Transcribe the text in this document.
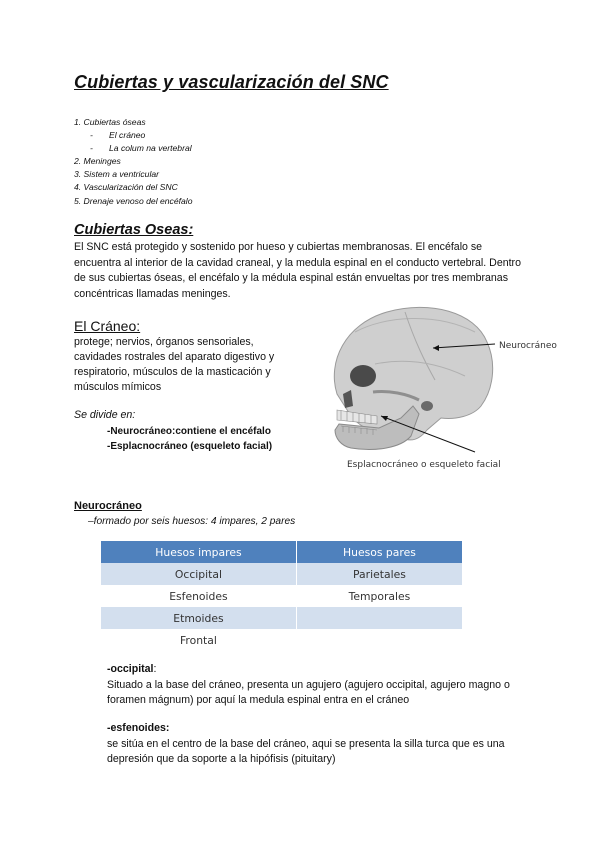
Cubiertas y vascularización del SNC
1. Cubiertas óseas
- El cráneo
- La colum na vertebral
2. Meninges
3. Sistem a ventricular
4. Vascularización del SNC
5. Drenaje venoso del encéfalo
Cubiertas Oseas:
El SNC está protegido y sostenido por hueso y cubiertas membranosas. El encéfalo se encuentra al interior de la cavidad craneal, y la medula espinal en el conducto vertebral. Dentro de sus cubiertas óseas, el encéfalo y la médula espinal están envueltas por tres membranas concéntricas llamadas meninges.
El Cráneo:
protege; nervios, órganos sensoriales, cavidades rostrales del aparato digestivo y respiratorio, músculos de la masticación y músculos mímicos
Se divide en:
-Neurocráneo:contiene el encéfalo
-Esplacnocráneo (esqueleto facial)
Neurocráneo
Esplacnocráneo o esqueleto facial
Neurocráneo
–formado por seis huesos: 4 impares, 2 pares
Huesos impares	Huesos pares
Occipital	Parietales
Esfenoides	Temporales
Etmoides	
Frontal	
-occipital:
Situado a la base del cráneo, presenta un agujero (agujero occipital, agujero magno o foramen mágnum) por aquí la medula espinal entra en el cráneo
-esfenoides:
se sitúa en el centro de la base del cráneo, aqui se presenta la silla turca que es una depresión que da soporte a la hipófisis (pituitary)
